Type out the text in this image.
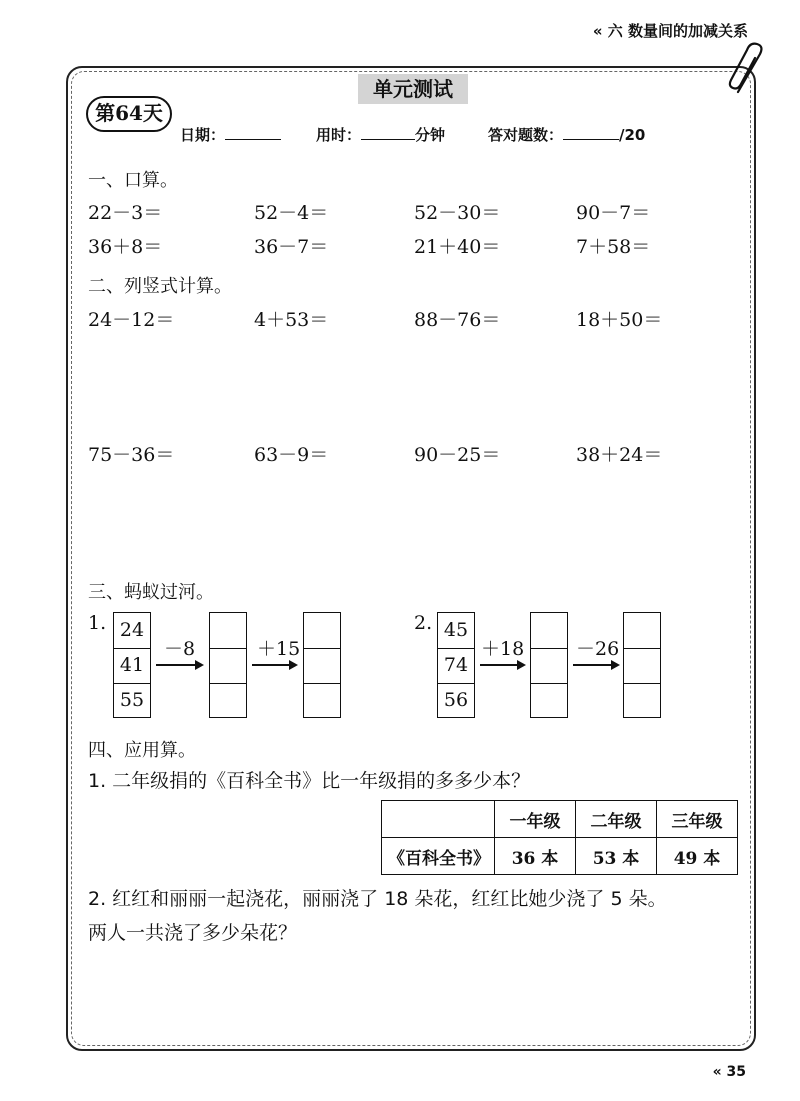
« 六 数量间的加减关系
单元测试
第64天
日期：	用时：	分钟	答对题数：	/20
一、口算。
22－3＝	52－4＝	52－30＝	90－7＝
36＋8＝	36－7＝	21＋40＝	7＋58＝
二、列竖式计算。
24－12＝	4＋53＝	88－76＝	18＋50＝
75－36＝	63－9＝	90－25＝	38＋24＝
三、蚂蚁过河。
1. 24
41
55
－8	＋15
2. 45
74
56
＋18	－26
四、应用算。
1. 二年级捐的《百科全书》比一年级捐的多多少本？
	一年级	二年级	三年级
《百科全书》	36 本	53 本	49 本
2. 红红和丽丽一起浇花，丽丽浇了 18 朵花，红红比她少浇了 5 朵。
两人一共浇了多少朵花？
« 35
